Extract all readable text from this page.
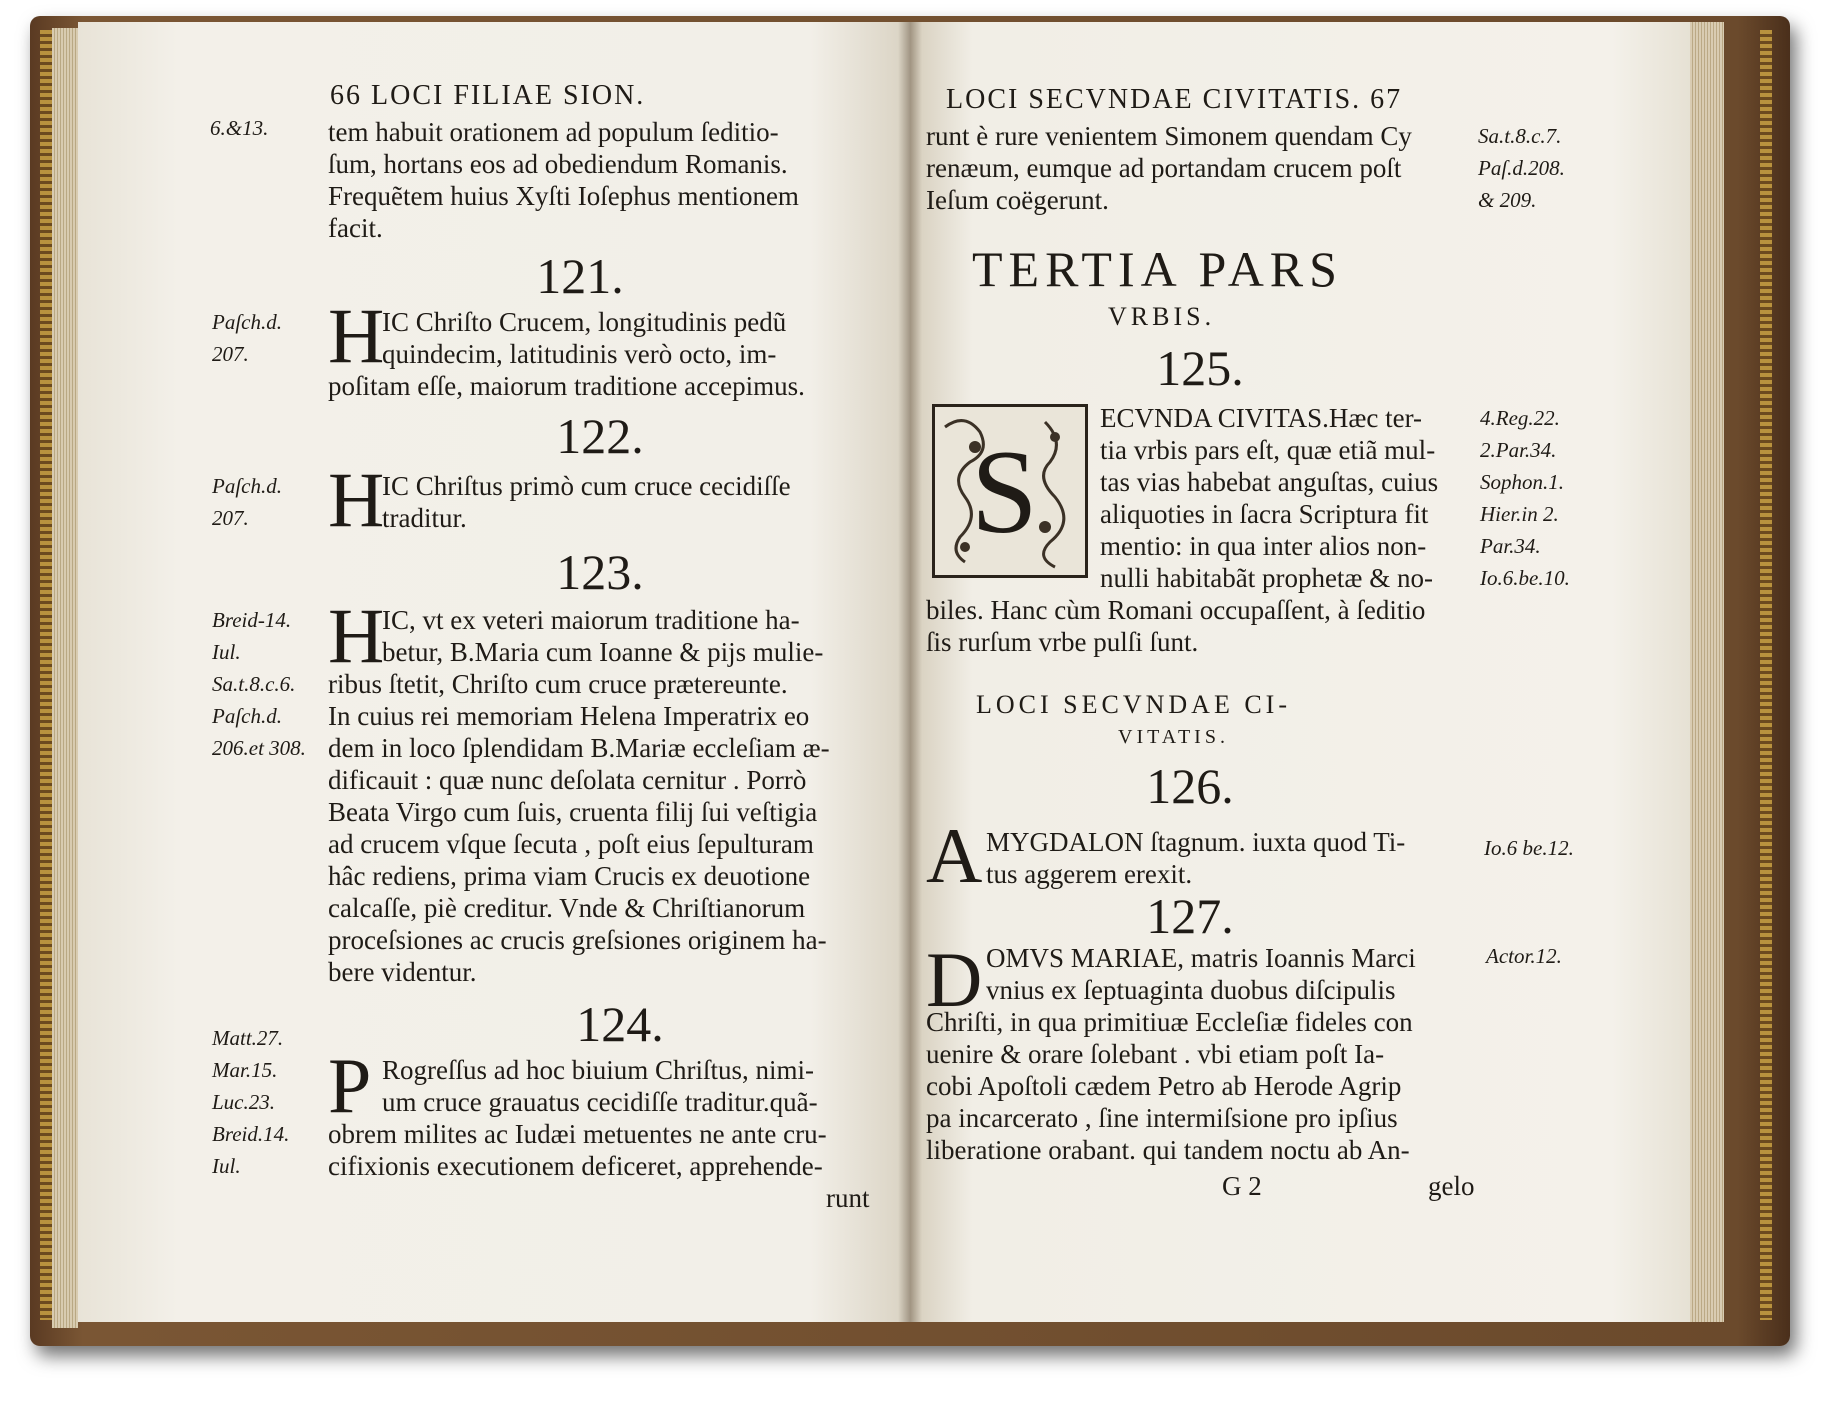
66 LOCI FILIAE SION.
6.&13. tem habuit orationem ad populum ſeditio-
ſum, hortans eos ad obediendum Romanis.
Frequẽtem huius Xyſti Ioſephus mentionem
facit.
121.
H
IC Chriſto Crucem, longitudinis pedũ
quindecim, latitudinis verò octo, im-
poſitam eſſe, maiorum traditione accepimus.
Paſch.d.
207.
122.
H
IC Chriſtus primò cum cruce cecidiſſe
traditur.
Paſch.d.
207.
123.
H
IC, vt ex veteri maiorum traditione ha-
betur, B.Maria cum Ioanne & pijs mulie-
ribus ſtetit, Chriſto cum cruce prætereunte.
In cuius rei memoriam Helena Imperatrix eo
dem in loco ſplendidam B.Mariæ eccleſiam æ-
dificauit : quæ nunc deſolata cernitur . Porrò
Beata Virgo cum ſuis, cruenta filij ſui veſtigia
ad crucem vſque ſecuta , poſt eius ſepulturam
hâc rediens, prima viam Crucis ex deuotione
calcaſſe, piè creditur. Vnde & Chriſtianorum
proceſsiones ac crucis greſsiones originem ha-
bere videntur.
Breid-14.
Iul.
Sa.t.8.c.6.
Paſch.d.
206.et 308.
124.
P Rogreſſus ad hoc biuium Chriſtus, nimi-
um cruce grauatus cecidiſſe traditur.quã-
obrem milites ac Iudæi metuentes ne ante cru-
cifixionis executionem deficeret, apprehende-
runt
Matt.27.
Mar.15.
Luc.23.
Breid.14.
Iul.
LOCI SECVNDAE CIVITATIS. 67
runt è rure venientem Simonem quendam Cy
renæum, eumque ad portandam crucem poſt
Ieſum coëgerunt.
Sa.t.8.c.7.
Paſ.d.208.
& 209.
TERTIA PARS
VRBIS.
125.
S
ECVNDA CIVITAS.Hæc ter-
tia vrbis pars eſt, quæ etiã mul-
tas vias habebat anguſtas, cuius
aliquoties in ſacra Scriptura fit
mentio: in qua inter alios non-
nulli habitabãt prophetæ & no-
biles. Hanc cùm Romani occupaſſent, à ſeditio
ſis rurſum vrbe pulſi ſunt.
4.Reg.22.
2.Par.34.
Sophon.1.
Hier.in 2.
Par.34.
Io.6.be.10.
LOCI SECVNDAE CI-
VITATIS.
126.
A MYGDALON ſtagnum. iuxta quod Ti-
tus aggerem erexit.
Io.6 be.12.
127.
D OMVS MARIAE, matris Ioannis Marci
vnius ex ſeptuaginta duobus diſcipulis
Chriſti, in qua primitiuæ Eccleſiæ fideles con
uenire & orare ſolebant . vbi etiam poſt Ia-
cobi Apoſtoli cædem Petro ab Herode Agrip
pa incarcerato , ſine intermiſsione pro ipſius
liberatione orabant. qui tandem noctu ab An-
Actor.12.
G 2	gelo
